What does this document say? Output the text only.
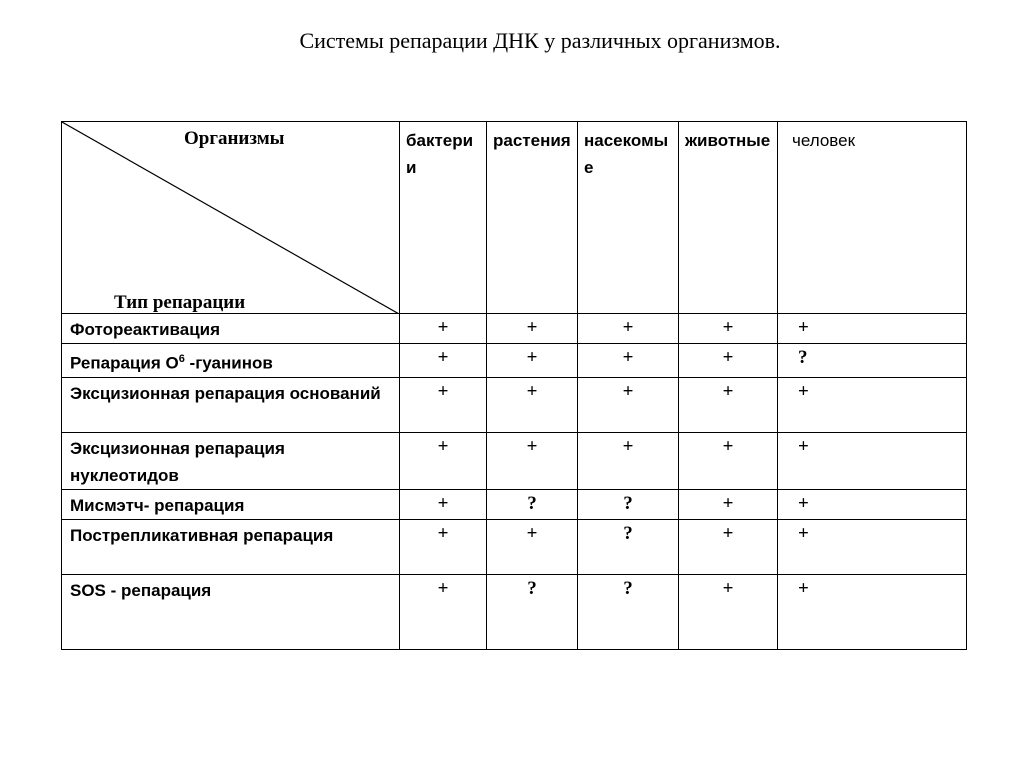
Системы репарации ДНК у различных организмов.
Организмы
Тип репарации	бактерии	растения	насекомые	животные	человек
Фотореактивация	+	+	+	+	+
Репарация $О^6$ -гуанинов	+	+	+	+	?
Эксцизионная репарация оснований	+	+	+	+	+
Эксцизионная репарация нуклеотидов	+	+	+	+	+
Мисмэтч- репарация	+	?	?	+	+
Пострепликативная репарация	+	+	?	+	+
SOS - репарация	+	?	?	+	+
